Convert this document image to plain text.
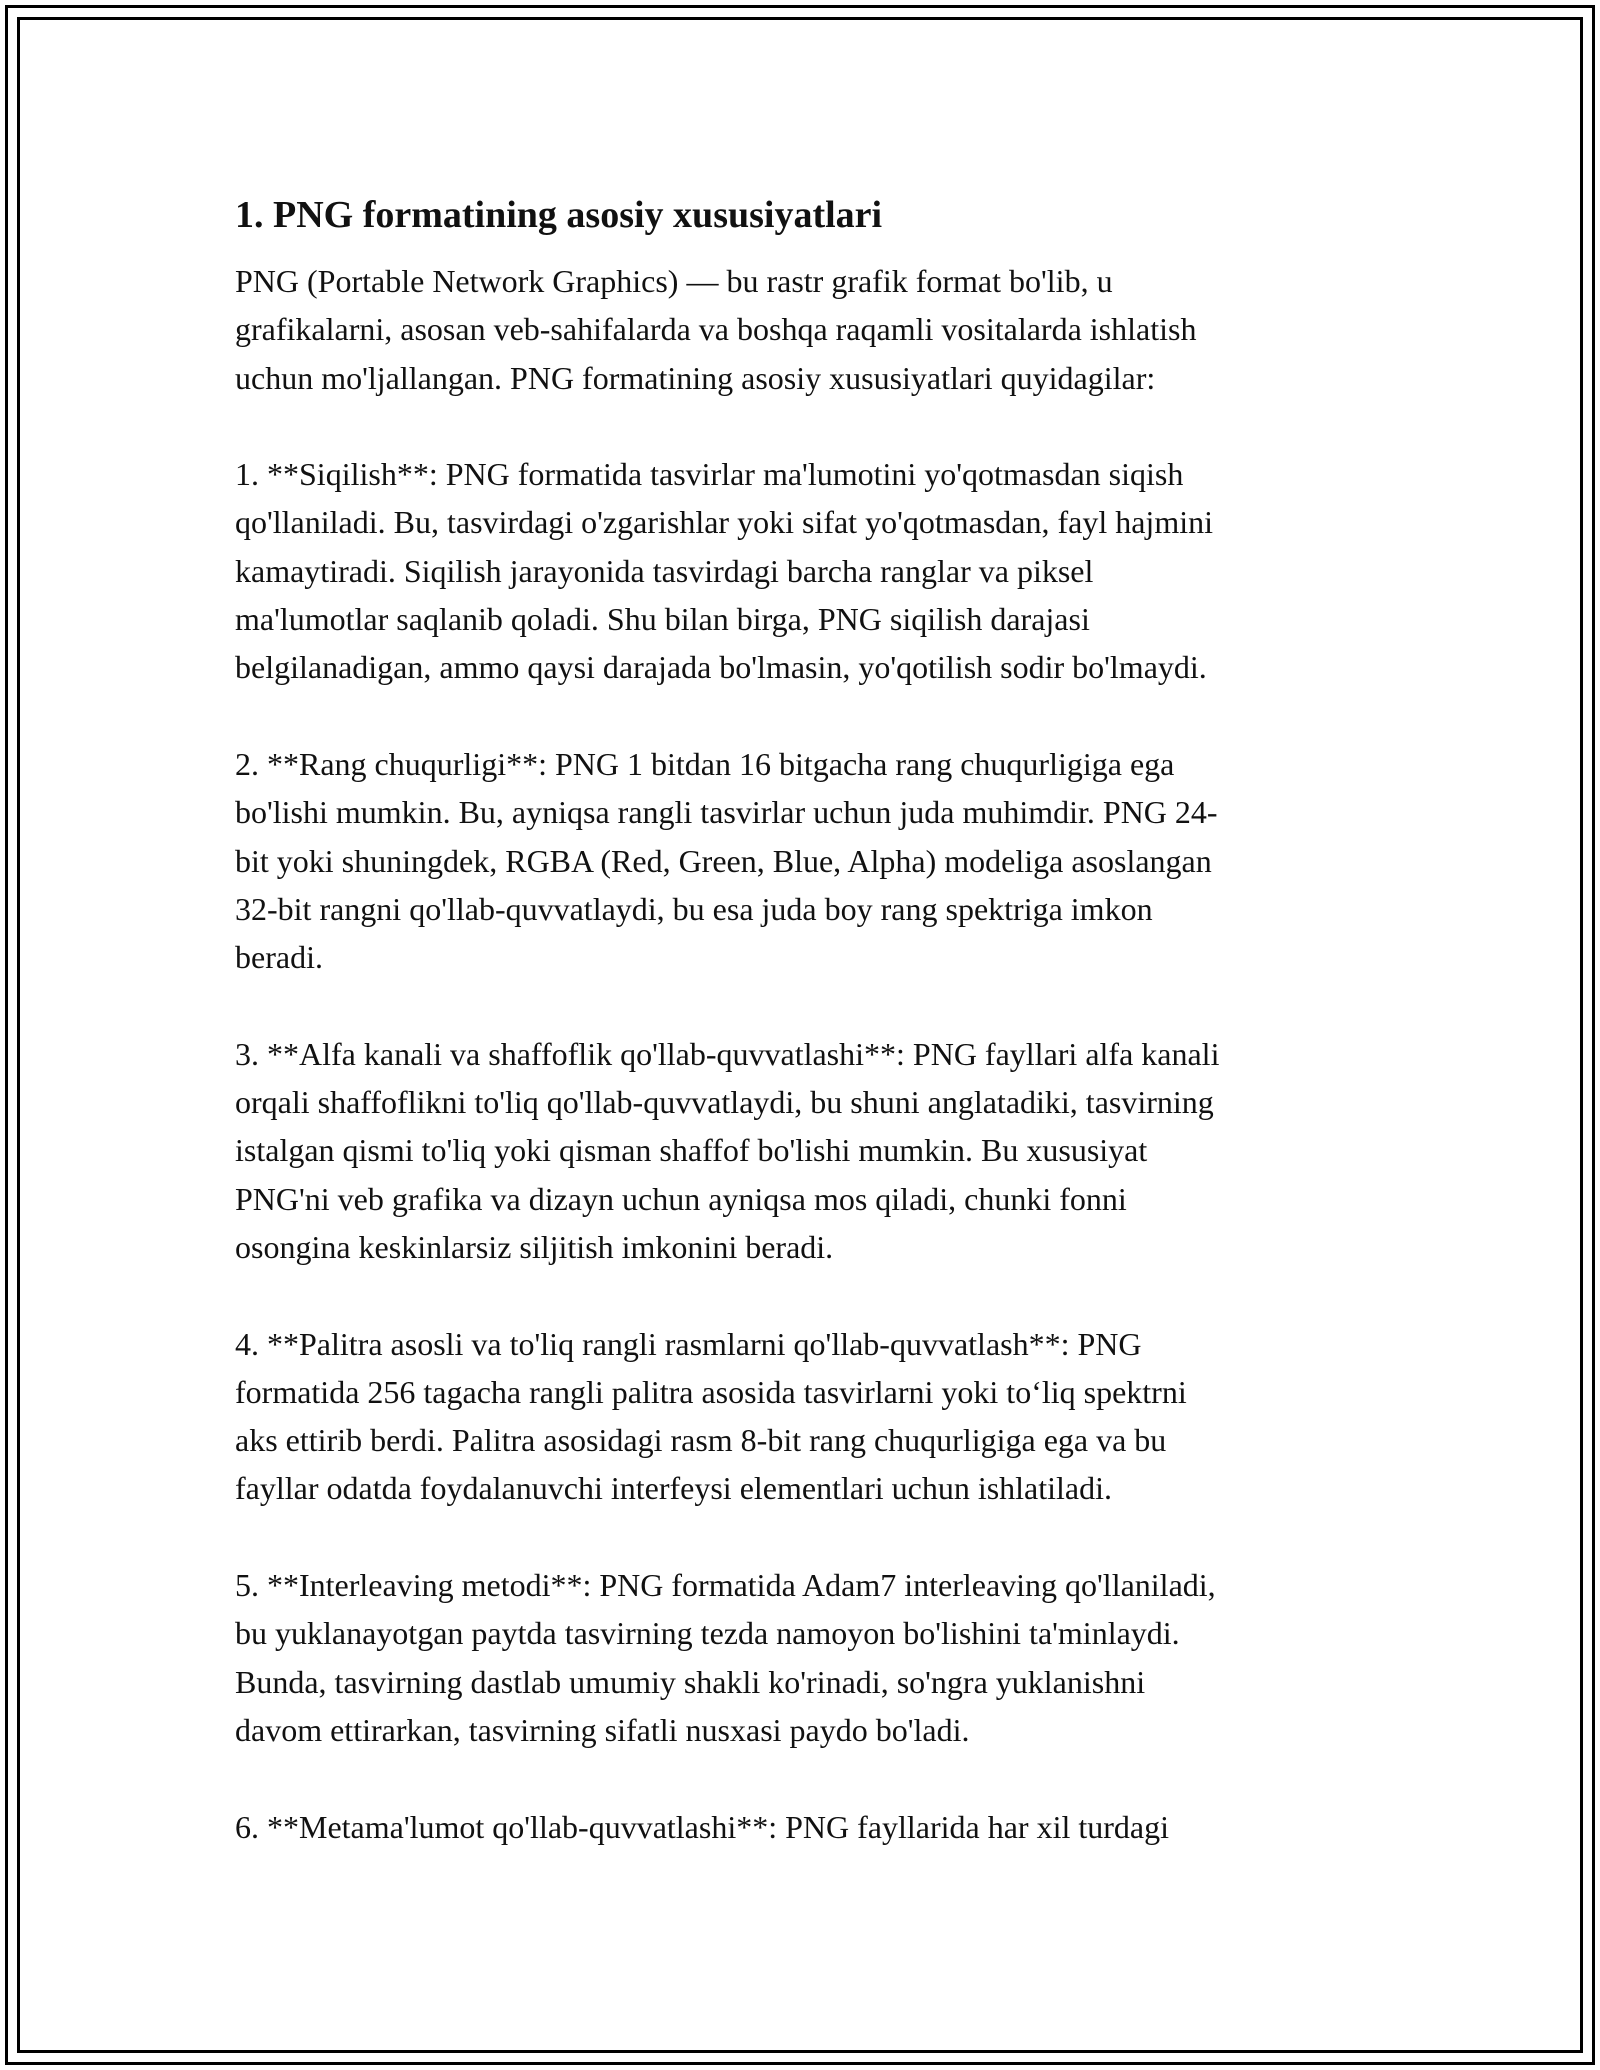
1. PNG formatining asosiy xususiyatlari
PNG (Portable Network Graphics) — bu rastr grafik format bo'lib, u
grafikalarni, asosan veb-sahifalarda va boshqa raqamli vositalarda ishlatish
uchun mo'ljallangan. PNG formatining asosiy xususiyatlari quyidagilar:
1. **Siqilish**: PNG formatida tasvirlar ma'lumotini yo'qotmasdan siqish
qo'llaniladi. Bu, tasvirdagi o'zgarishlar yoki sifat yo'qotmasdan, fayl hajmini
kamaytiradi. Siqilish jarayonida tasvirdagi barcha ranglar va piksel
ma'lumotlar saqlanib qoladi. Shu bilan birga, PNG siqilish darajasi
belgilanadigan, ammo qaysi darajada bo'lmasin, yo'qotilish sodir bo'lmaydi.
2. **Rang chuqurligi**: PNG 1 bitdan 16 bitgacha rang chuqurligiga ega
bo'lishi mumkin. Bu, ayniqsa rangli tasvirlar uchun juda muhimdir. PNG 24-
bit yoki shuningdek, RGBA (Red, Green, Blue, Alpha) modeliga asoslangan
32-bit rangni qo'llab-quvvatlaydi, bu esa juda boy rang spektriga imkon
beradi.
3. **Alfa kanali va shaffoflik qo'llab-quvvatlashi**: PNG fayllari alfa kanali
orqali shaffoflikni to'liq qo'llab-quvvatlaydi, bu shuni anglatadiki, tasvirning
istalgan qismi to'liq yoki qisman shaffof bo'lishi mumkin. Bu xususiyat
PNG'ni veb grafika va dizayn uchun ayniqsa mos qiladi, chunki fonni
osongina keskinlarsiz siljitish imkonini beradi.
4. **Palitra asosli va to'liq rangli rasmlarni qo'llab-quvvatlash**: PNG
formatida 256 tagacha rangli palitra asosida tasvirlarni yoki to‘liq spektrni
aks ettirib berdi. Palitra asosidagi rasm 8-bit rang chuqurligiga ega va bu
fayllar odatda foydalanuvchi interfeysi elementlari uchun ishlatiladi.
5. **Interleaving metodi**: PNG formatida Adam7 interleaving qo'llaniladi,
bu yuklanayotgan paytda tasvirning tezda namoyon bo'lishini ta'minlaydi.
Bunda, tasvirning dastlab umumiy shakli ko'rinadi, so'ngra yuklanishni
davom ettirarkan, tasvirning sifatli nusxasi paydo bo'ladi.
6. **Metama'lumot qo'llab-quvvatlashi**: PNG fayllarida har xil turdagi
